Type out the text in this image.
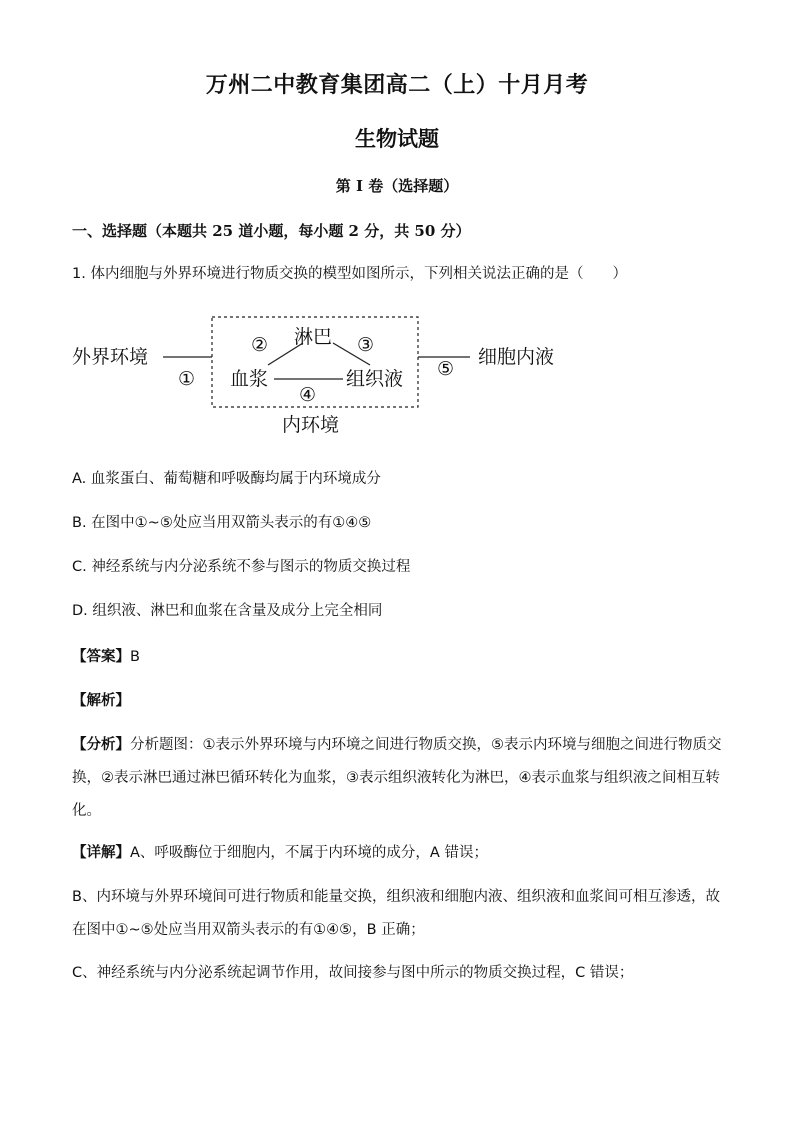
万州二中教育集团高二（上）十月月考
生物试题
第 I 卷（选择题）
一、选择题（本题共 25 道小题，每小题 2 分，共 50 分）
1. 体内细胞与外界环境进行物质交换的模型如图所示，下列相关说法正确的是（　　）
外界环境
淋巴
血浆	组织液
细胞内液
内环境
①
②	③
④
⑤
A. 血浆蛋白、葡萄糖和呼吸酶均属于内环境成分
B. 在图中①~⑤处应当用双箭头表示的有①④⑤
C. 神经系统与内分泌系统不参与图示的物质交换过程
D. 组织液、淋巴和血浆在含量及成分上完全相同
【答案】B
【解析】
【分析】分析题图：①表示外界环境与内环境之间进行物质交换，⑤表示内环境与细胞之间进行物质交换，②表示淋巴通过淋巴循环转化为血浆，③表示组织液转化为淋巴，④表示血浆与组织液之间相互转化。
【详解】A、呼吸酶位于细胞内，不属于内环境的成分，A 错误；
B、内环境与外界环境间可进行物质和能量交换，组织液和细胞内液、组织液和血浆间可相互渗透，故在图中①~⑤处应当用双箭头表示的有①④⑤，B 正确；
C、神经系统与内分泌系统起调节作用，故间接参与图中所示的物质交换过程，C 错误；
